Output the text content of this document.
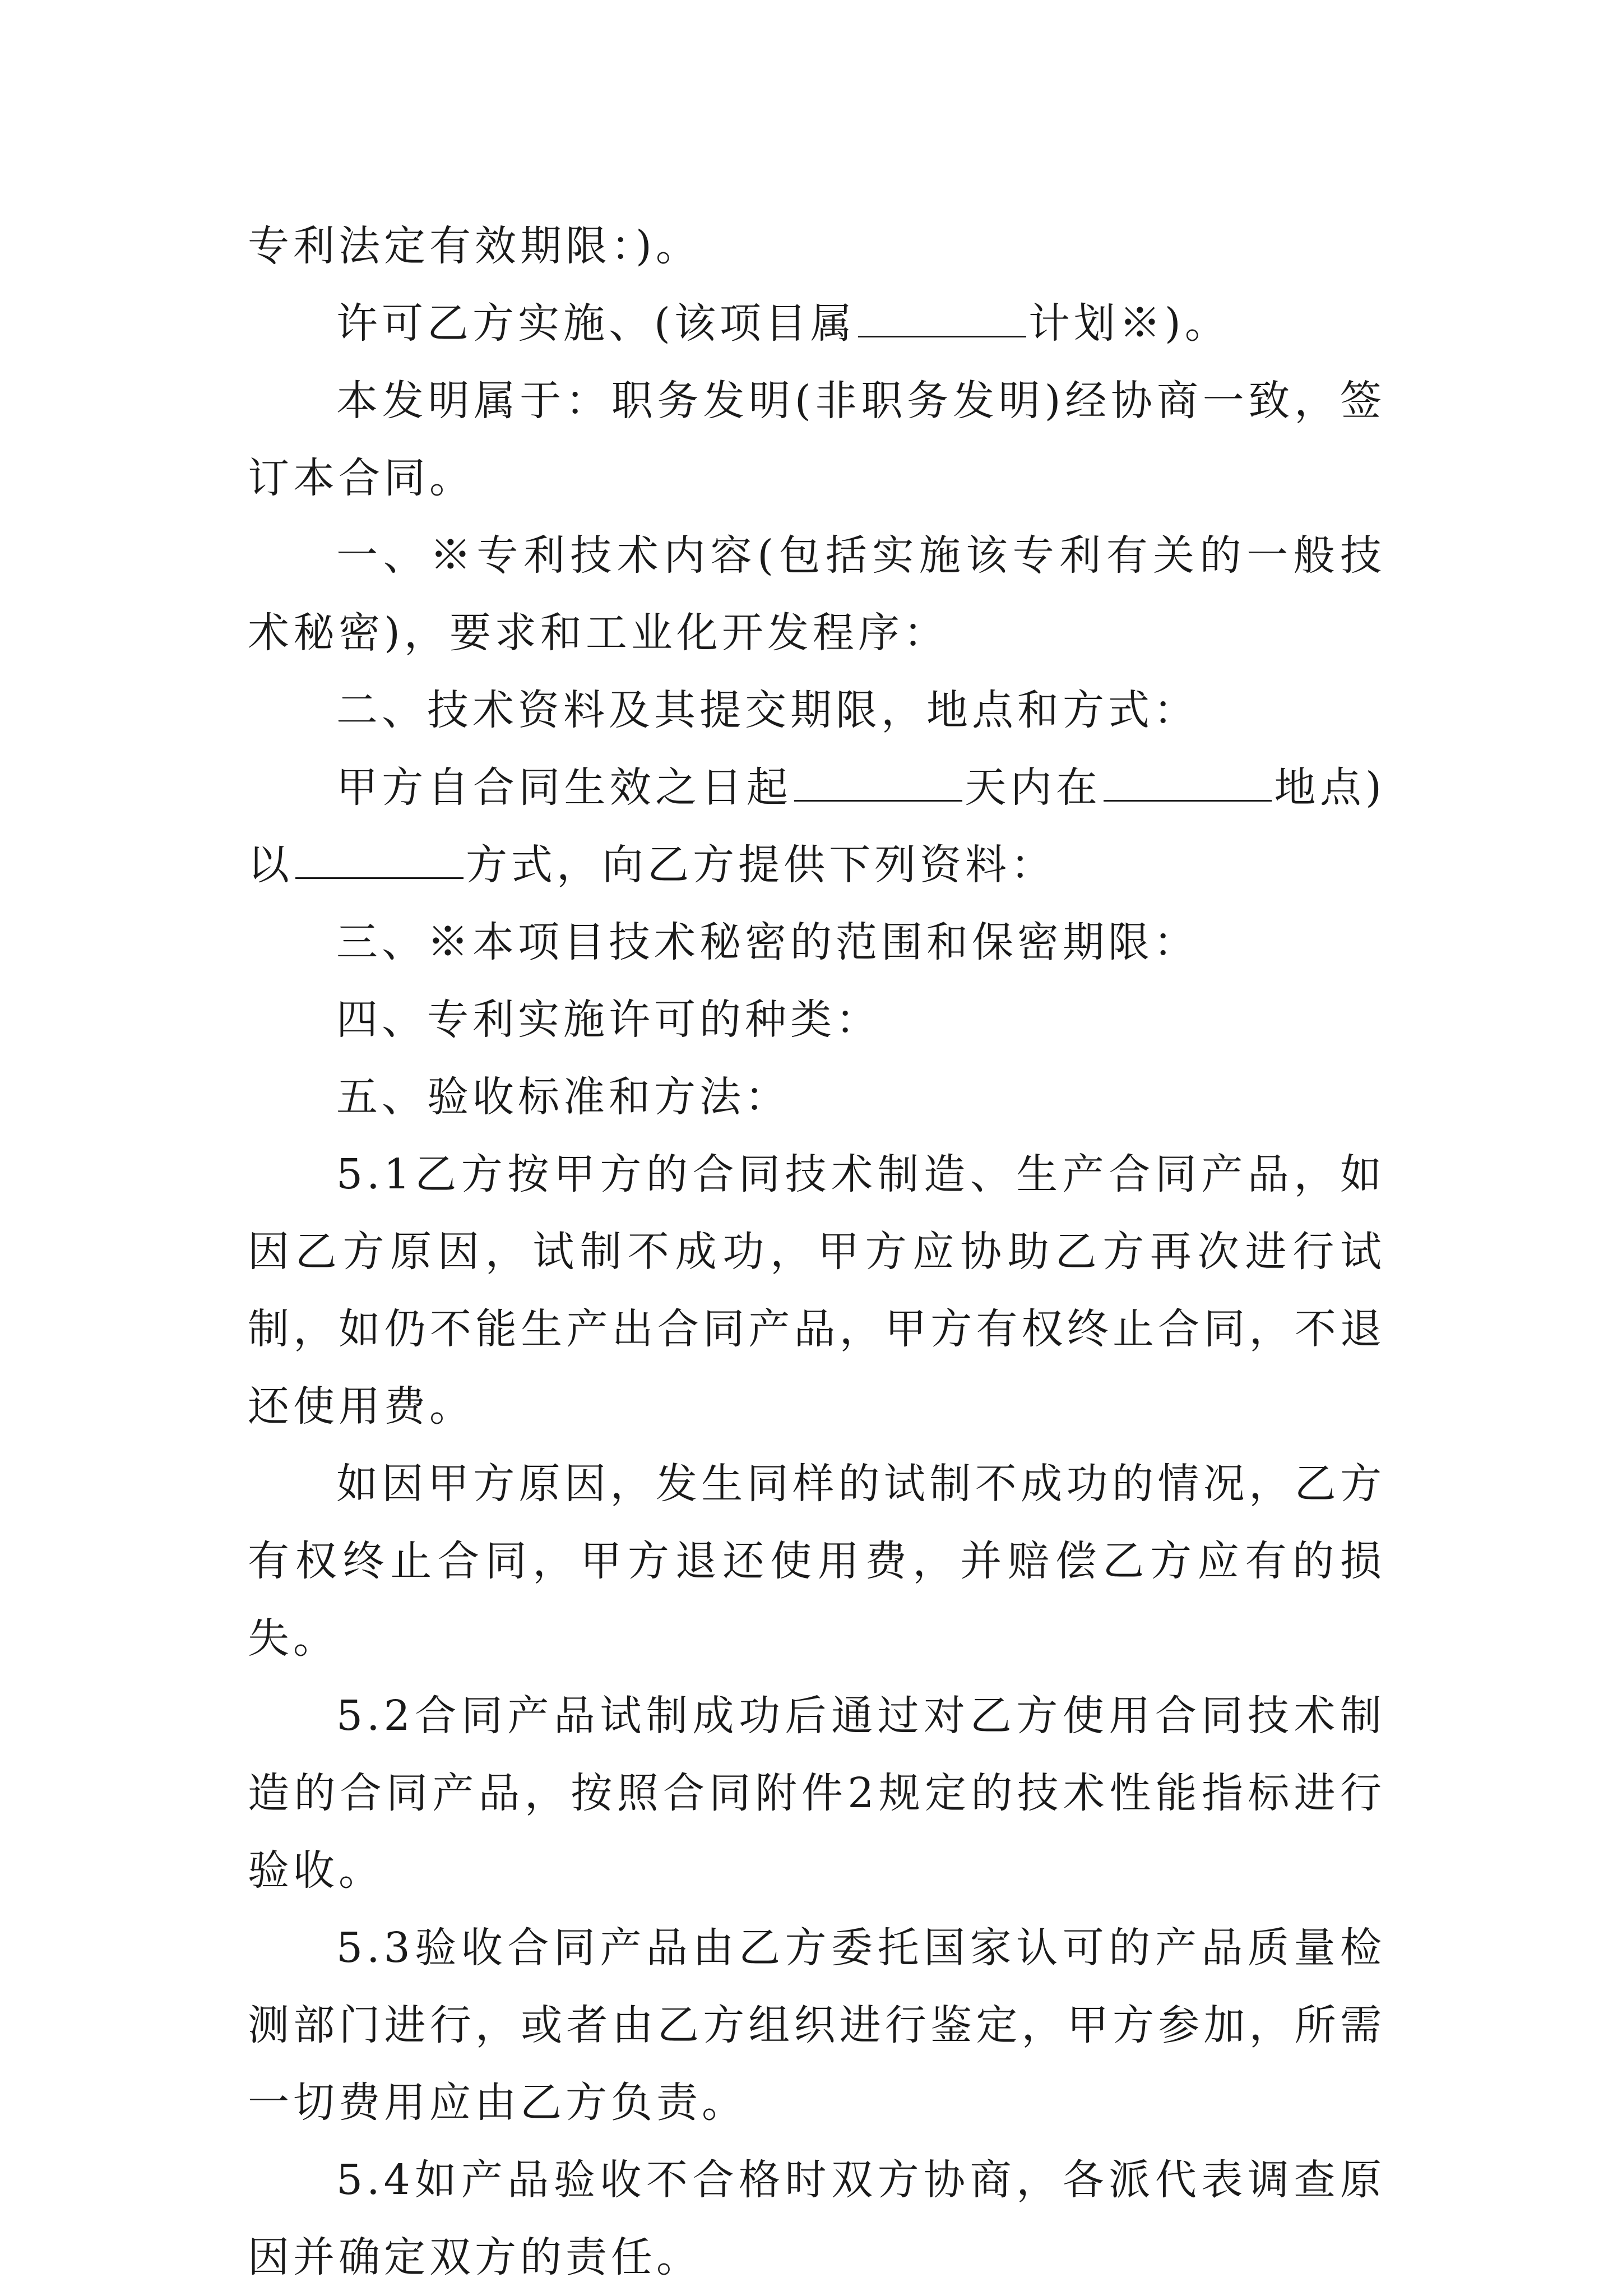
专利法定有效期限：)。

许可乙方实施、(该项目属	计划※)。

本发明属于：职务发明(非职务发明)经协商一致，签订本合同。

一、※专利技术内容(包括实施该专利有关的一般技术秘密)，要求和工业化开发程序：

二、技术资料及其提交期限，地点和方式：

甲方自合同生效之日起	天内在	地点)以	方式，向乙方提供下列资料：

三、※本项目技术秘密的范围和保密期限：

四、专利实施许可的种类：

五、验收标准和方法：

5.1乙方按甲方的合同技术制造、生产合同产品，如因乙方原因，试制不成功，甲方应协助乙方再次进行试制，如仍不能生产出合同产品，甲方有权终止合同，不退还使用费。

如因甲方原因，发生同样的试制不成功的情况，乙方有权终止合同，甲方退还使用费，并赔偿乙方应有的损失。

5.2合同产品试制成功后通过对乙方使用合同技术制造的合同产品，按照合同附件2规定的技术性能指标进行验收。

5.3验收合同产品由乙方委托国家认可的产品质量检测部门进行，或者由乙方组织进行鉴定，甲方参加，所需一切费用应由乙方负责。

5.4如产品验收不合格时双方协商，各派代表调查原因并确定双方的责任。
